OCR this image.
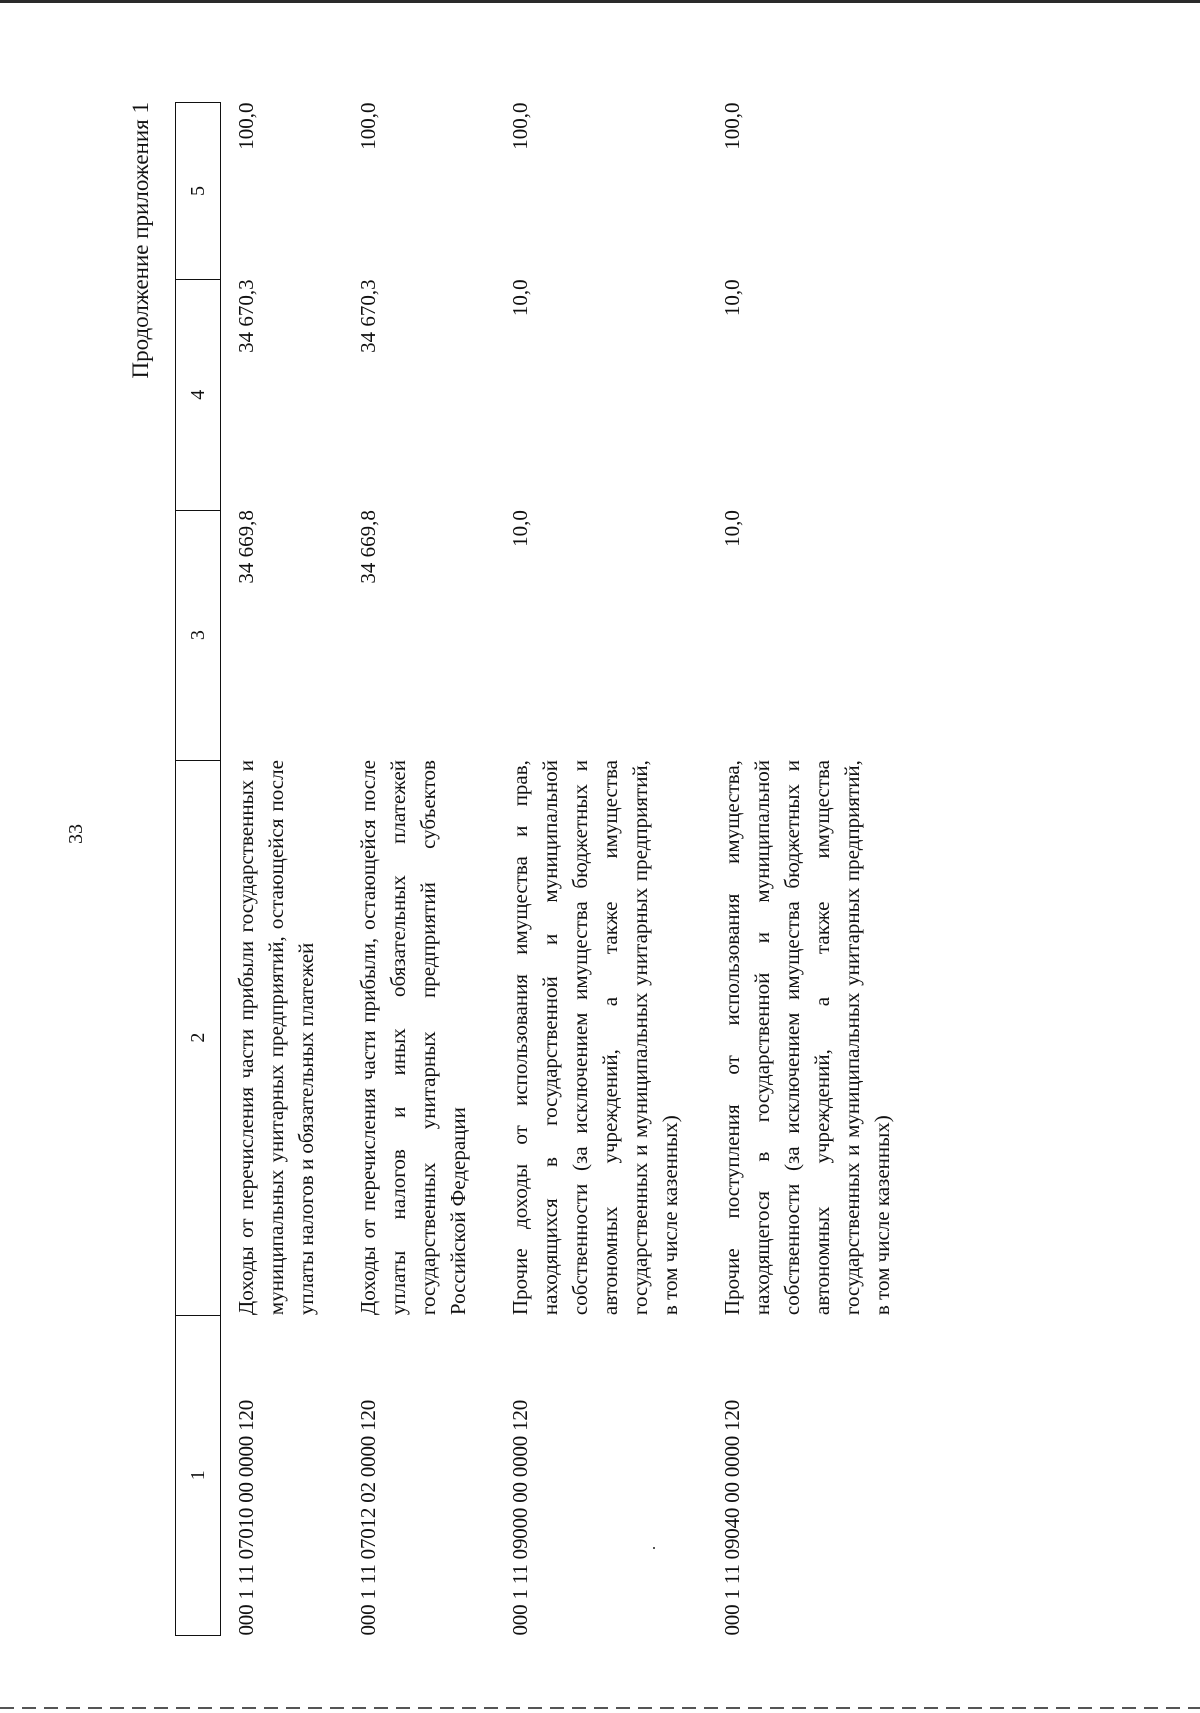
33
Продолжение приложения 1
1	2	3	4	5
000 1 11 07010 00 0000 120	Доходы от перечисления части прибыли государственных и муниципальных унитарных предприятий, остающейся после уплаты налогов и обязательных платежей	34 669,8	34 670,3	100,0
000 1 11 07012 02 0000 120	Доходы от перечисления части прибыли, остающейся после уплаты налогов и иных обязательных платежей государственных унитарных предприятий субъектов Российской Федерации	34 669,8	34 670,3	100,0
000 1 11 09000 00 0000 120	Прочие доходы от использования имущества и прав, находящихся в государственной и муниципальной собственности (за исключением имущества бюджетных и автономных учреждений, а также имущества государственных и муниципальных унитарных предприятий, в том числе казенных)	10,0	10,0	100,0
000 1 11 09040 00 0000 120	Прочие поступления от использования имущества, находящегося в государственной и муниципальной собственности (за исключением имущества бюджетных и автономных учреждений, а также имущества государственных и муниципальных унитарных предприятий, в том числе казенных)	10,0	10,0	100,0
